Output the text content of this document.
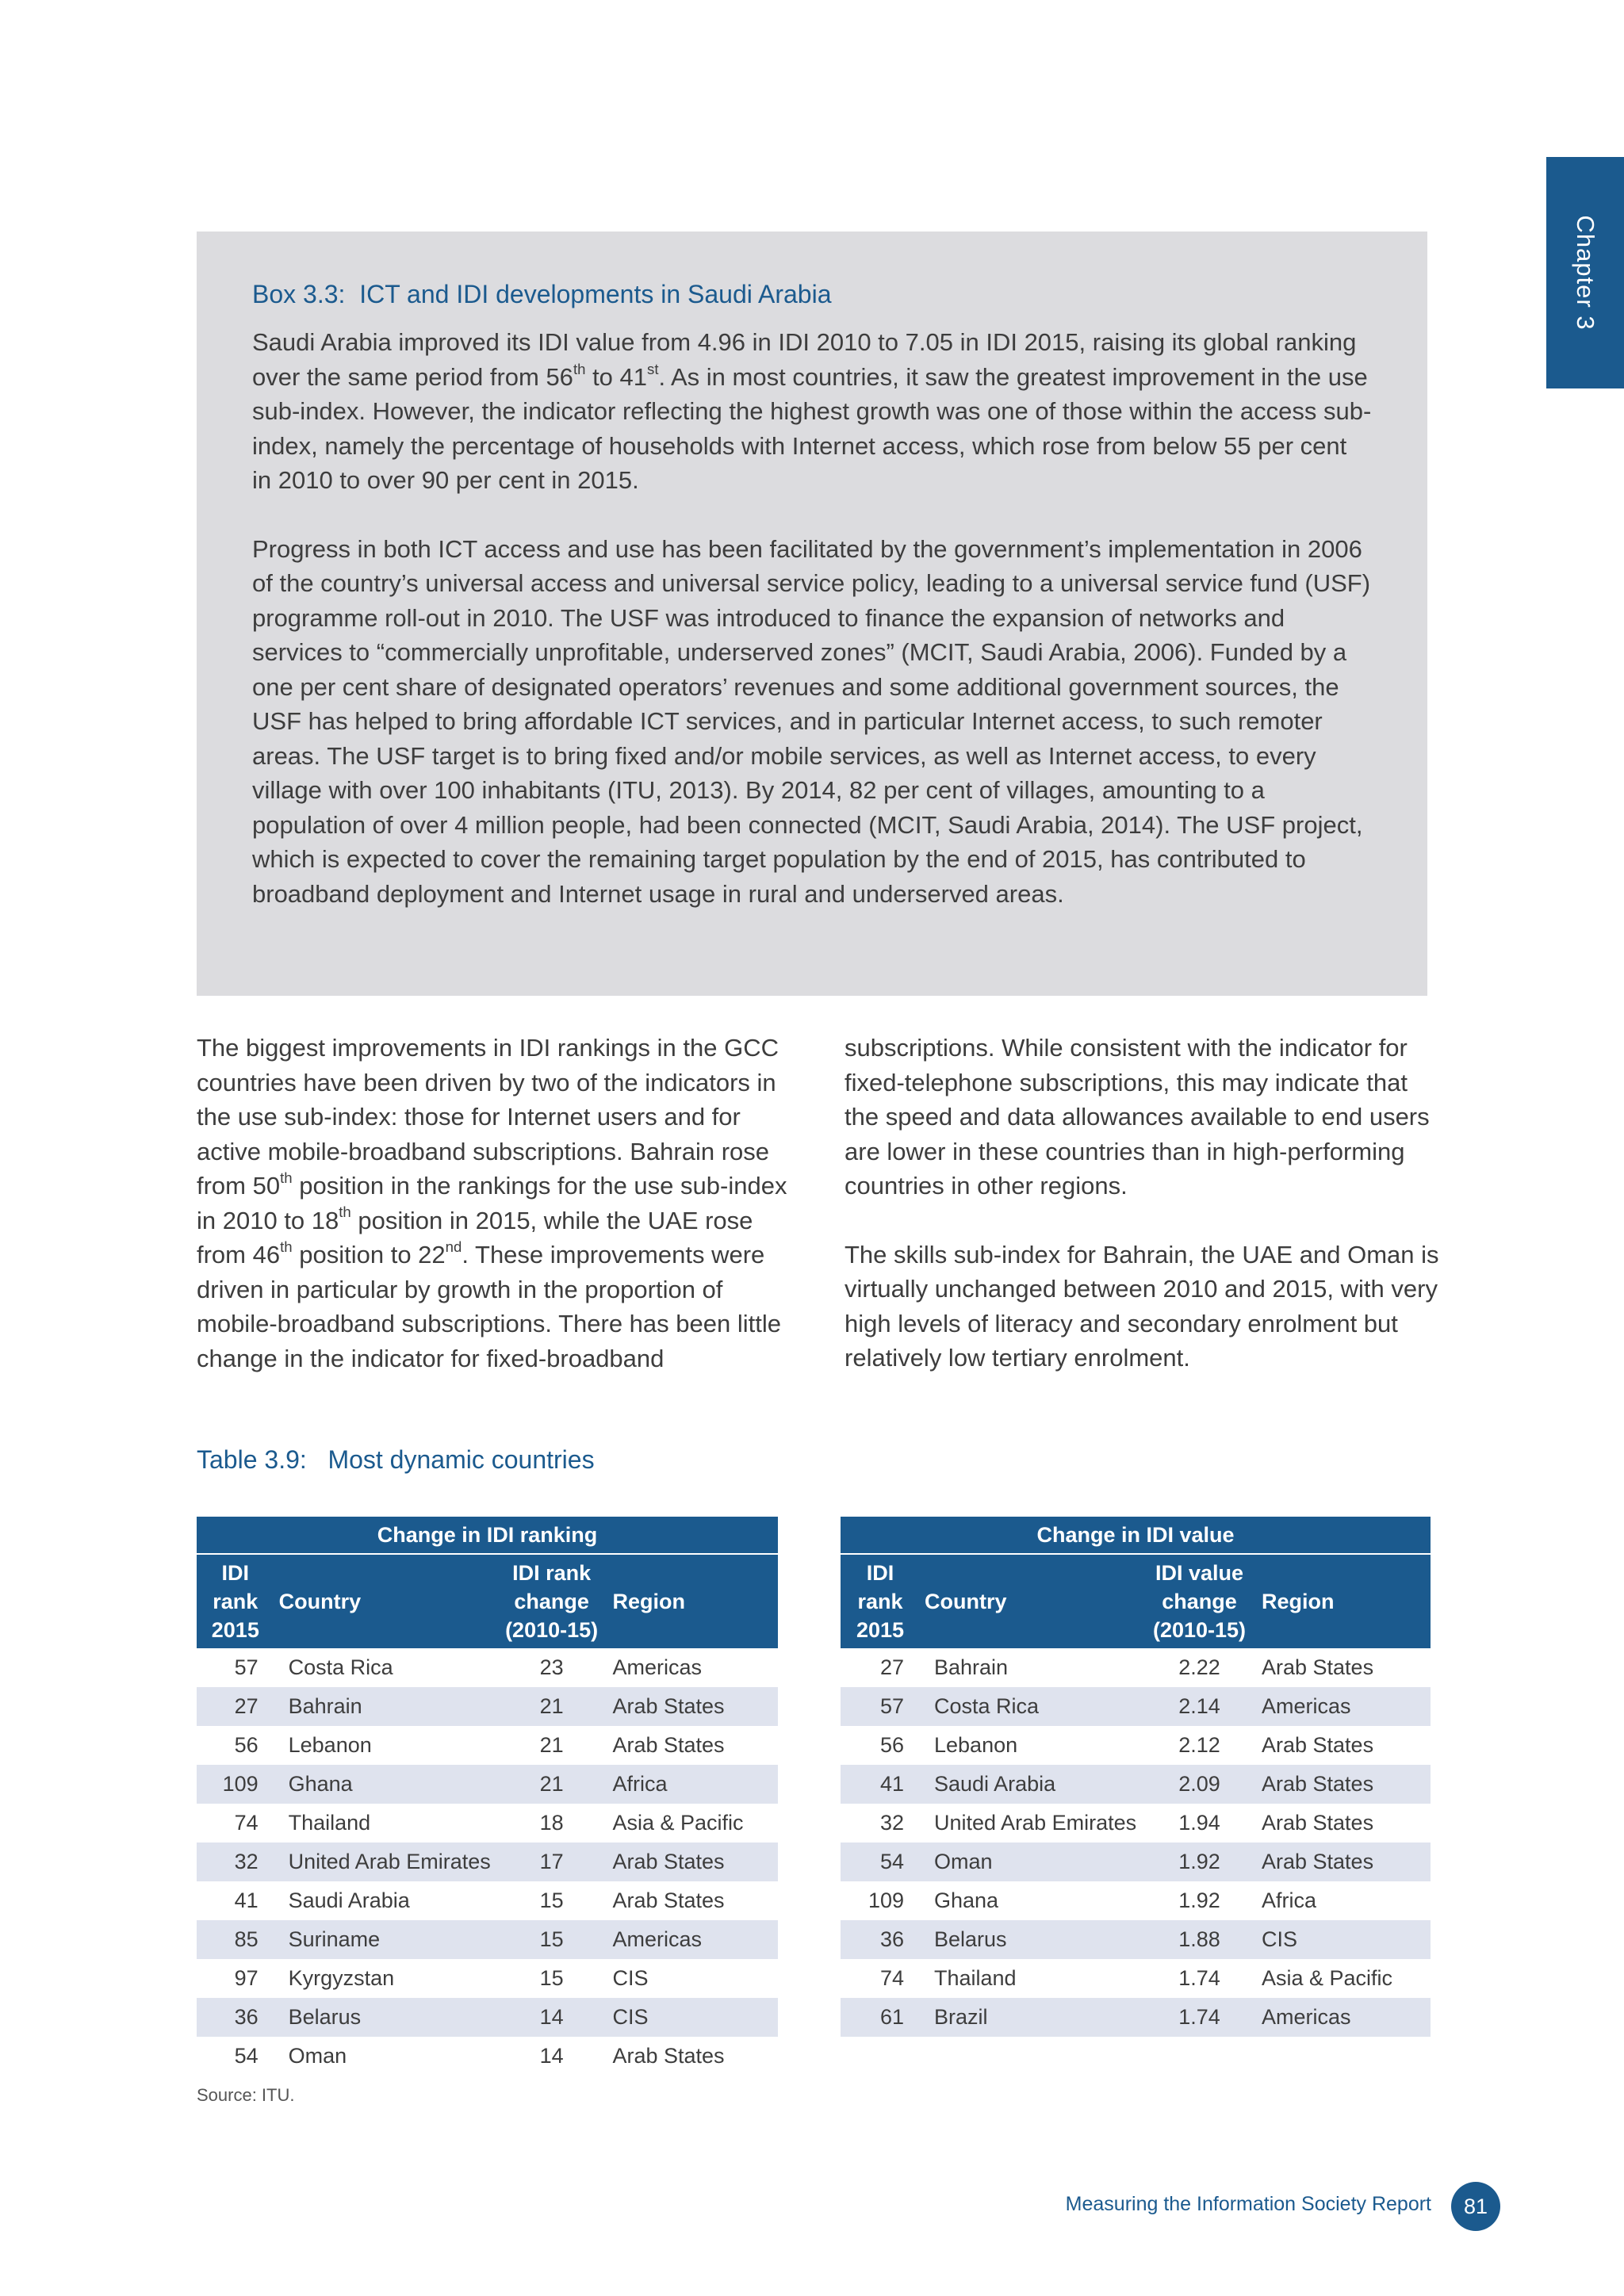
Chapter 3
Box 3.3:  ICT and IDI developments in Saudi Arabia

Saudi Arabia improved its IDI value from 4.96 in IDI 2010 to 7.05 in IDI 2015, raising its global ranking over the same period from 56th to 41st. As in most countries, it saw the greatest improvement in the use sub-index. However, the indicator reflecting the highest growth was one of those within the access sub-index, namely the percentage of households with Internet access, which rose from below 55 per cent in 2010 to over 90 per cent in 2015.

Progress in both ICT access and use has been facilitated by the government’s implementation in 2006 of the country’s universal access and universal service policy, leading to a universal service fund (USF) programme roll-out in 2010. The USF was introduced to finance the expansion of networks and services to “commercially unprofitable, underserved zones” (MCIT, Saudi Arabia, 2006). Funded by a one per cent share of designated operators’ revenues and some additional government sources, the USF has helped to bring affordable ICT services, and in particular Internet access, to such remoter areas. The USF target is to bring fixed and/or mobile services, as well as Internet access, to every village with over 100 inhabitants (ITU, 2013). By 2014, 82 per cent of villages, amounting to a population of over 4 million people, had been connected (MCIT, Saudi Arabia, 2014). The USF project, which is expected to cover the remaining target population by the end of 2015, has contributed to broadband deployment and Internet usage in rural and underserved areas.

The biggest improvements in IDI rankings in the GCC countries have been driven by two of the indicators in the use sub-index: those for Internet users and for active mobile-broadband subscriptions. Bahrain rose from 50th position in the rankings for the use sub-index in 2010 to 18th position in 2015, while the UAE rose from 46th position to 22nd. These improvements were driven in particular by growth in the proportion of mobile-broadband subscriptions. There has been little change in the indicator for fixed-broadband

subscriptions. While consistent with the indicator for fixed-telephone subscriptions, this may indicate that the speed and data allowances available to end users are lower in these countries than in high-performing countries in other regions.

The skills sub-index for Bahrain, the UAE and Oman is virtually unchanged between 2010 and 2015, with very high levels of literacy and secondary enrolment but relatively low tertiary enrolment.

Table 3.9:   Most dynamic countries
Change in IDI ranking			
IDI rank 2015	Country	IDI rank change (2010-15)	Region
57	Costa Rica	23	Americas
27	Bahrain	21	Arab States
56	Lebanon	21	Arab States
109	Ghana	21	Africa
74	Thailand	18	Asia & Pacific
32	United Arab Emirates	17	Arab States
41	Saudi Arabia	15	Arab States
85	Suriname	15	Americas
97	Kyrgyzstan	15	CIS
36	Belarus	14	CIS
54	Oman	14	Arab States
Change in IDI value			
IDI rank 2015	Country	IDI value change (2010-15)	Region
27	Bahrain	2.22	Arab States
57	Costa Rica	2.14	Americas
56	Lebanon	2.12	Arab States
41	Saudi Arabia	2.09	Arab States
32	United Arab Emirates	1.94	Arab States
54	Oman	1.92	Arab States
109	Ghana	1.92	Africa
36	Belarus	1.88	CIS
74	Thailand	1.74	Asia & Pacific
61	Brazil	1.74	Americas
Source: ITU.
Measuring the Information Society Report 81
